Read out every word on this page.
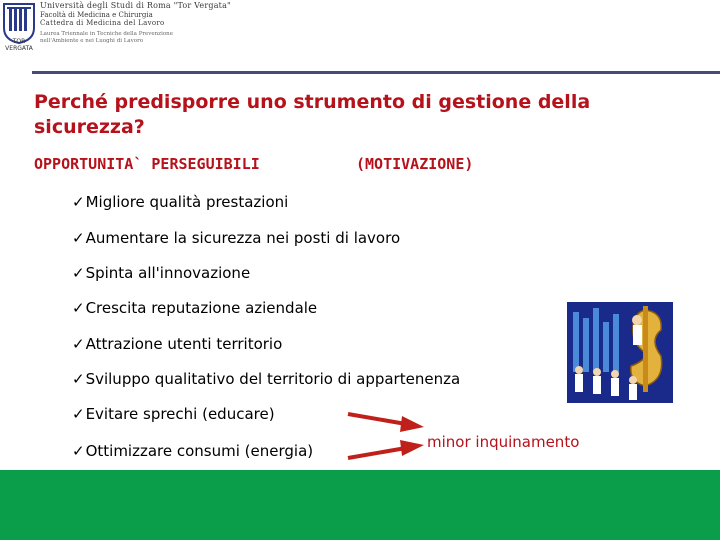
TOR VERGATA
Università degli Studi di Roma "Tor Vergata"
Facoltà di Medicina e Chirurgia
Cattedra di Medicina del Lavoro
Laurea Triennale in Tecniche della Prevenzione
nell'Ambiente e nei Luoghi di Lavoro
Perché predisporre uno strumento di gestione della sicurezza?
OPPORTUNITA` PERSEGUIBILI	(MOTIVAZIONE)
✓Migliore qualità prestazioni
✓Aumentare la sicurezza nei posti di lavoro
✓Spinta all'innovazione
✓Crescita reputazione aziendale
✓Attrazione utenti territorio
✓Sviluppo qualitativo del territorio di appartenenza
✓Evitare sprechi (educare)
✓Ottimizzare consumi (energia)	minor inquinamento
